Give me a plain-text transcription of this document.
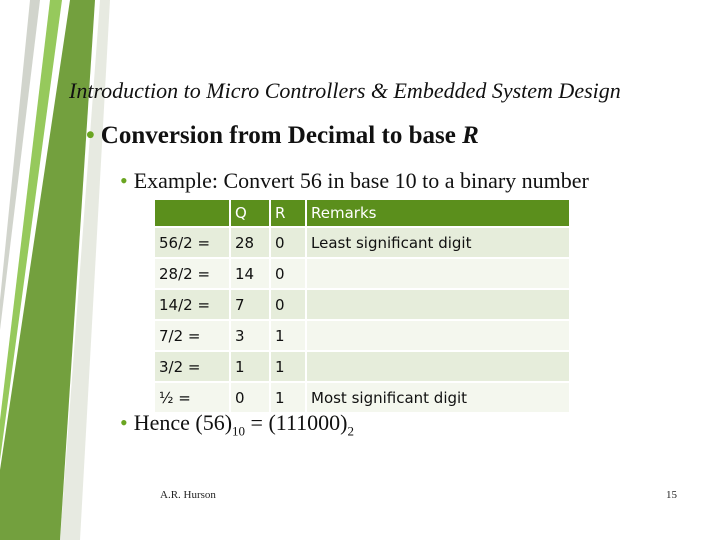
Introduction to Micro Controllers & Embedded System Design
• Conversion from Decimal to base R
• Example: Convert 56 in base 10 to a binary number
	Q	R	Remarks
56/2 =	28	0	Least significant digit
28/2 =	14	0	
14/2 =	7	0	
7/2 =	3	1	
3/2 =	1	1	
½ =	0	1	Most significant digit
• Hence $(56)_{10} = (111000)_2$
A.R. Hurson	15
